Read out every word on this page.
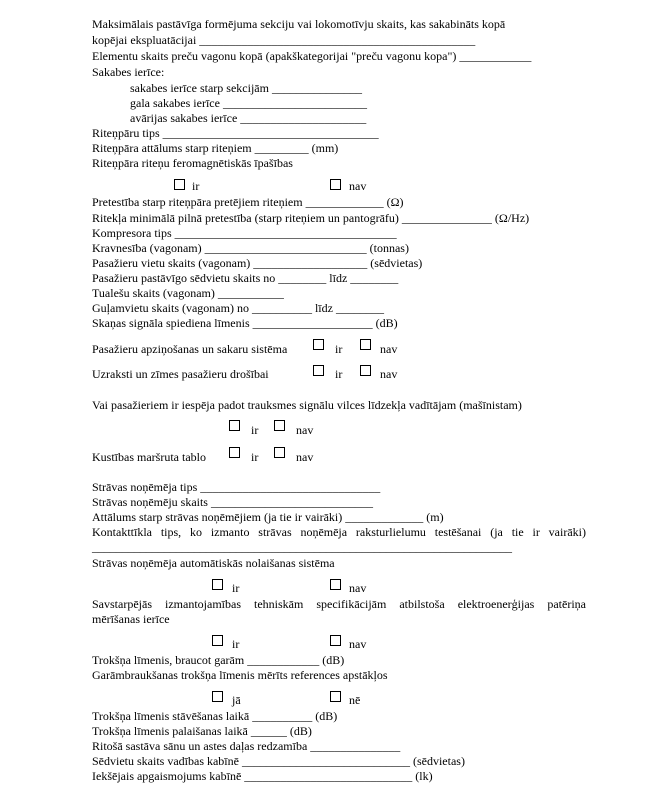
Maksimālais pastāvīga formējuma sekciju vai lokomotīvju skaits, kas sakabināts kopā
kopējai ekspluatācijai ______________________________________________
Elementu skaits preču vagonu kopā (apakškategorijai "preču vagonu kopa") ____________
Sakabes ierīce:
sakabes ierīce starp sekcijām _______________
gala sakabes ierīce ________________________
avārijas sakabes ierīce _____________________
Riteņpāru tips ____________________________________
Riteņpāra attālums starp riteņiem _________ (mm)
Riteņpāra riteņu feromagnētiskās īpašības
ir	nav
Pretestība starp riteņpāra pretējiem riteņiem _____________ (Ω)
Ritekļa minimālā pilnā pretestība (starp riteņiem un pantogrāfu) _______________ (Ω/Hz)
Kompresora tips _____________________________________
Kravnesība (vagonam) ___________________________ (tonnas)
Pasažieru vietu skaits (vagonam) ___________________ (sēdvietas)
Pasažieru pastāvīgo sēdvietu skaits no ________ līdz ________
Tualešu skaits (vagonam) ___________
Guļamvietu skaits (vagonam) no __________ līdz ________
Skaņas signāla spiediena līmenis ____________________ (dB)
Pasažieru apziņošanas un sakaru sistēma	ir	nav
Uzraksti un zīmes pasažieru drošībai	ir	nav
Vai pasažieriem ir iespēja padot trauksmes signālu vilces līdzekļa vadītājam (mašīnistam)
ir	nav
Kustības maršruta tablo	ir	nav
Strāvas noņēmēja tips ______________________________
Strāvas noņēmēju skaits ___________________________
Attālums starp strāvas noņēmējiem (ja tie ir vairāki) _____________ (m)
Kontakttīkla tips, ko izmanto strāvas noņēmēja raksturlielumu testēšanai (ja tie ir vairāki)
______________________________________________________________________
Strāvas noņēmēja automātiskās nolaišanas sistēma
ir	nav
Savstarpējās izmantojamības tehniskām specifikācijām atbilstoša elektroenerģijas patēriņa
mērīšanas ierīce
ir	nav
Trokšņa līmenis, braucot garām ____________ (dB)
Garāmbraukšanas trokšņa līmenis mērīts references apstākļos
jā	nē
Trokšņa līmenis stāvēšanas laikā __________ (dB)
Trokšņa līmenis palaišanas laikā ______ (dB)
Ritošā sastāva sānu un astes daļas redzamība _______________
Sēdvietu skaits vadības kabīnē ____________________________ (sēdvietas)
Iekšējais apgaismojums kabīnē ____________________________ (lk)
